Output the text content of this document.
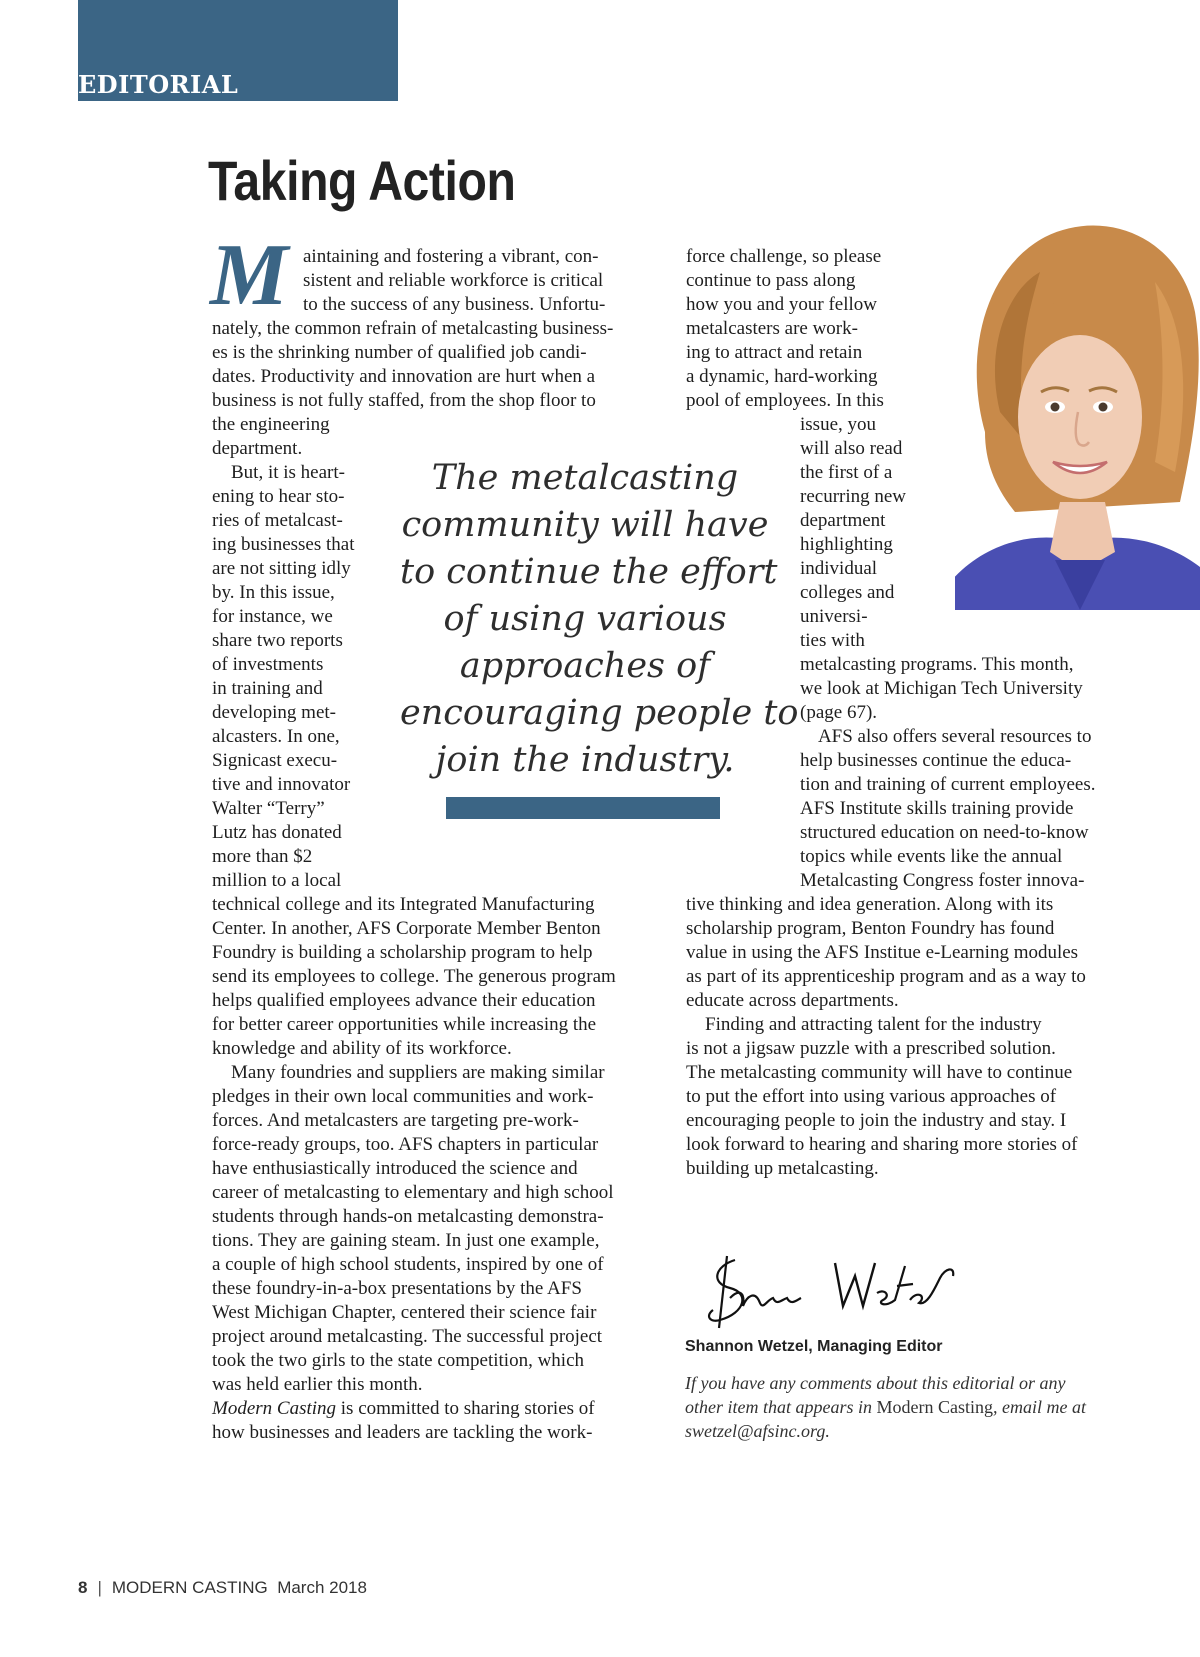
EDITORIAL
Taking Action
M aintaining and fostering a vibrant, con-
sistent and reliable workforce is critical
to the success of any business. Unfortu-

nately, the common refrain of metalcasting business-
es is the shrinking number of qualified job candi-
dates. Productivity and innovation are hurt when a
business is not fully staffed, from the shop floor to
the engineering
department.

But, it is heart-
ening to hear sto-
ries of metalcast-
ing businesses that
are not sitting idly
by. In this issue,
for instance, we
share two reports
of investments
in training and
developing met-
alcasters. In one,
Signicast execu-
tive and innovator
Walter “Terry”
Lutz has donated
more than $2
million to a local

technical college and its Integrated Manufacturing
Center. In another, AFS Corporate Member Benton
Foundry is building a scholarship program to help
send its employees to college. The generous program
helps qualified employees advance their education
for better career opportunities while increasing the
knowledge and ability of its workforce.
Many foundries and suppliers are making similar
pledges in their own local communities and work-
forces. And metalcasters are targeting pre-work-
force-ready groups, too. AFS chapters in particular
have enthusiastically introduced the science and
career of metalcasting to elementary and high school
students through hands-on metalcasting demonstra-
tions. They are gaining steam. In just one example,
a couple of high school students, inspired by one of
these foundry-in-a-box presentations by the AFS
West Michigan Chapter, centered their science fair
project around metalcasting. The successful project
took the two girls to the state competition, which
was held earlier this month.

Modern Casting is committed to sharing stories of
how businesses and leaders are tackling the work-

force challenge, so please
continue to pass along
how you and your fellow
metalcasters are work-
ing to attract and retain
a dynamic, hard-working
pool of employees. In this

issue, you
will also read
the first of a
recurring new
department
highlighting
individual
colleges and
universi-
ties with
metalcasting programs. This month,
we look at Michigan Tech University
(page 67).
AFS also offers several resources to
help businesses continue the educa-
tion and training of current employees.
AFS Institute skills training provide
structured education on need-to-know
topics while events like the annual
Metalcasting Congress foster innova-

tive thinking and idea generation. Along with its
scholarship program, Benton Foundry has found
value in using the AFS Institue e-Learning modules
as part of its apprenticeship program and as a way to
educate across departments.
Finding and attracting talent for the industry
is not a jigsaw puzzle with a prescribed solution.
The metalcasting community will have to continue
to put the effort into using various approaches of
encouraging people to join the industry and stay. I
look forward to hearing and sharing more stories of
building up metalcasting.

The metalcasting
community will have
to continue the effort
of using various
approaches of
encouraging people to
join the industry.

Shannon Wetzel, Managing Editor

If you have any comments about this editorial or any
other item that appears in Modern Casting, email me at
swetzel@afsinc.org.

8 | MODERN CASTING March 2018
